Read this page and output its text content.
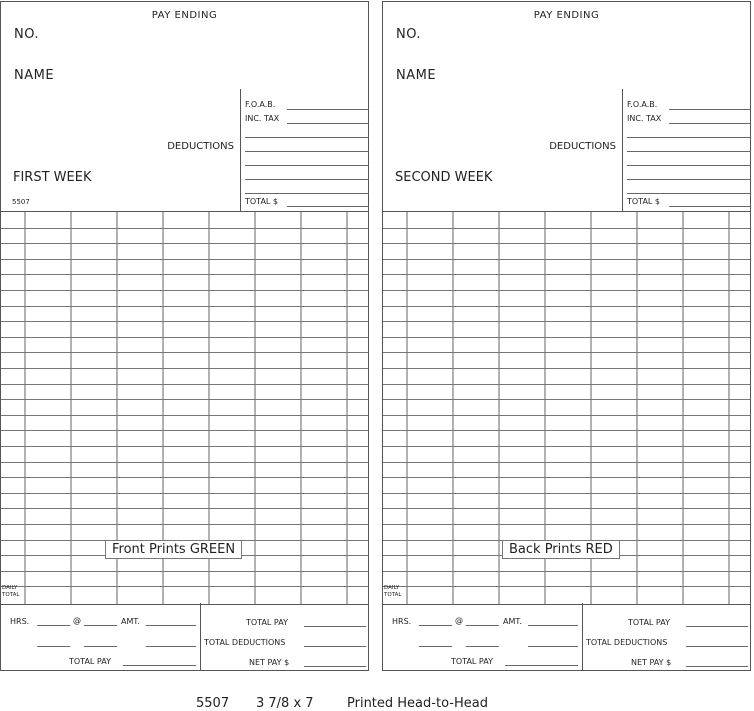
PAY ENDING
NO.
NAME
DEDUCTIONS
FIRST WEEK
5507
F.O.A.B.
INC. TAX
TOTAL $
DAILY TOTAL
Front Prints GREEN
HRS.	@	AMT.
TOTAL PAY
TOTAL PAY
TOTAL DEDUCTIONS
NET PAY $
PAY ENDING
NO.
NAME
DEDUCTIONS
SECOND WEEK
F.O.A.B.
INC. TAX
TOTAL $
DAILY TOTAL
Back Prints RED
HRS.	@	AMT.
TOTAL PAY
TOTAL PAY
TOTAL DEDUCTIONS
NET PAY $
5507 3 7/8 x 7	Printed Head-to-Head
